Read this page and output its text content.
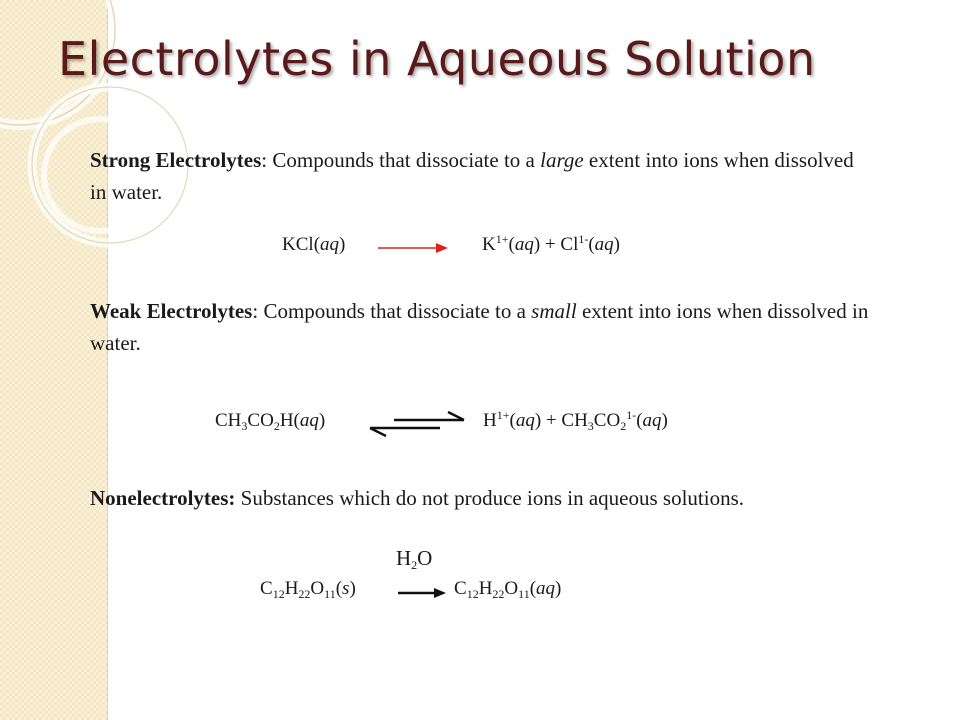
Electrolytes in Aqueous Solution

Strong Electrolytes: Compounds that dissociate to a large extent into ions when dissolved in water.

KCl(aq)	$K^{1+}(aq) + Cl^{1-}(aq)$

Weak Electrolytes: Compounds that dissociate to a small extent into ions when dissolved in water.

$CH_3CO_2H(aq)$	$H^{1+}(aq) + CH_3CO_2^{1-}(aq)$

Nonelectrolytes: Substances which do not produce ions in aqueous solutions.

$H_2O$
$C_{12}H_{22}O_{11}(s)$	$C_{12}H_{22}O_{11}(aq)$
